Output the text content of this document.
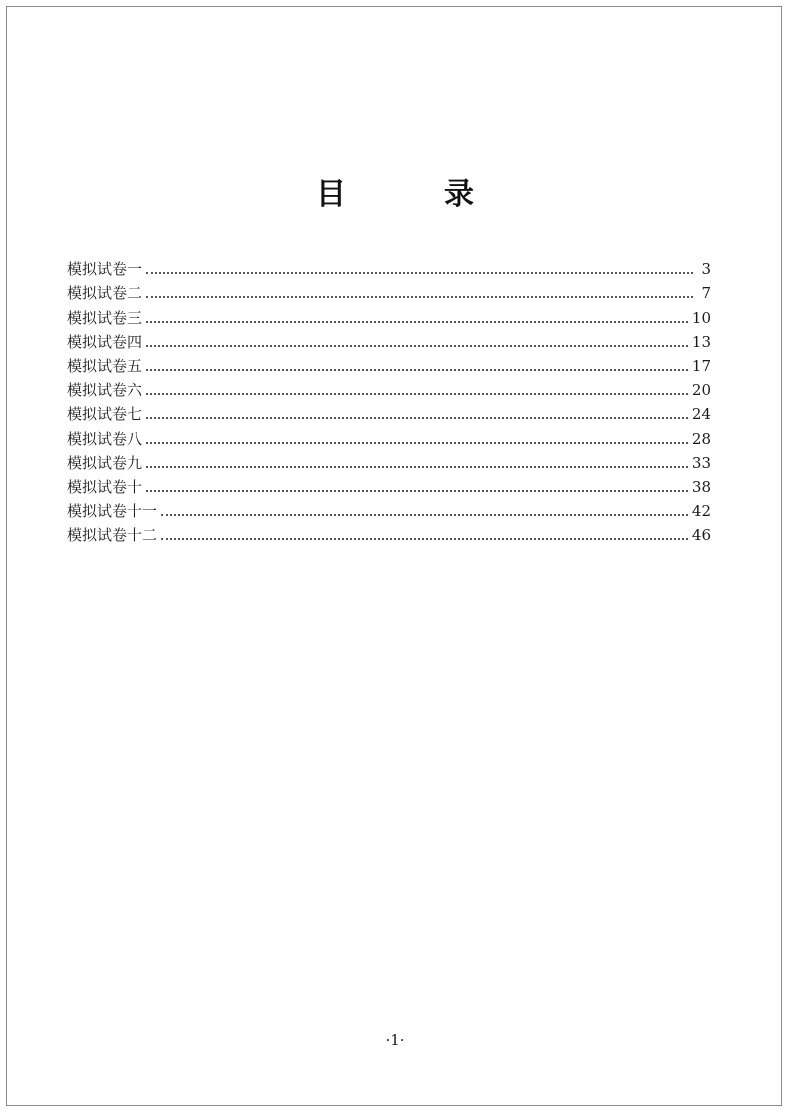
目　录
模拟试卷一	3
模拟试卷二	7
模拟试卷三	10
模拟试卷四	13
模拟试卷五	17
模拟试卷六	20
模拟试卷七	24
模拟试卷八	28
模拟试卷九	33
模拟试卷十	38
模拟试卷十一	42
模拟试卷十二	46
·1·
